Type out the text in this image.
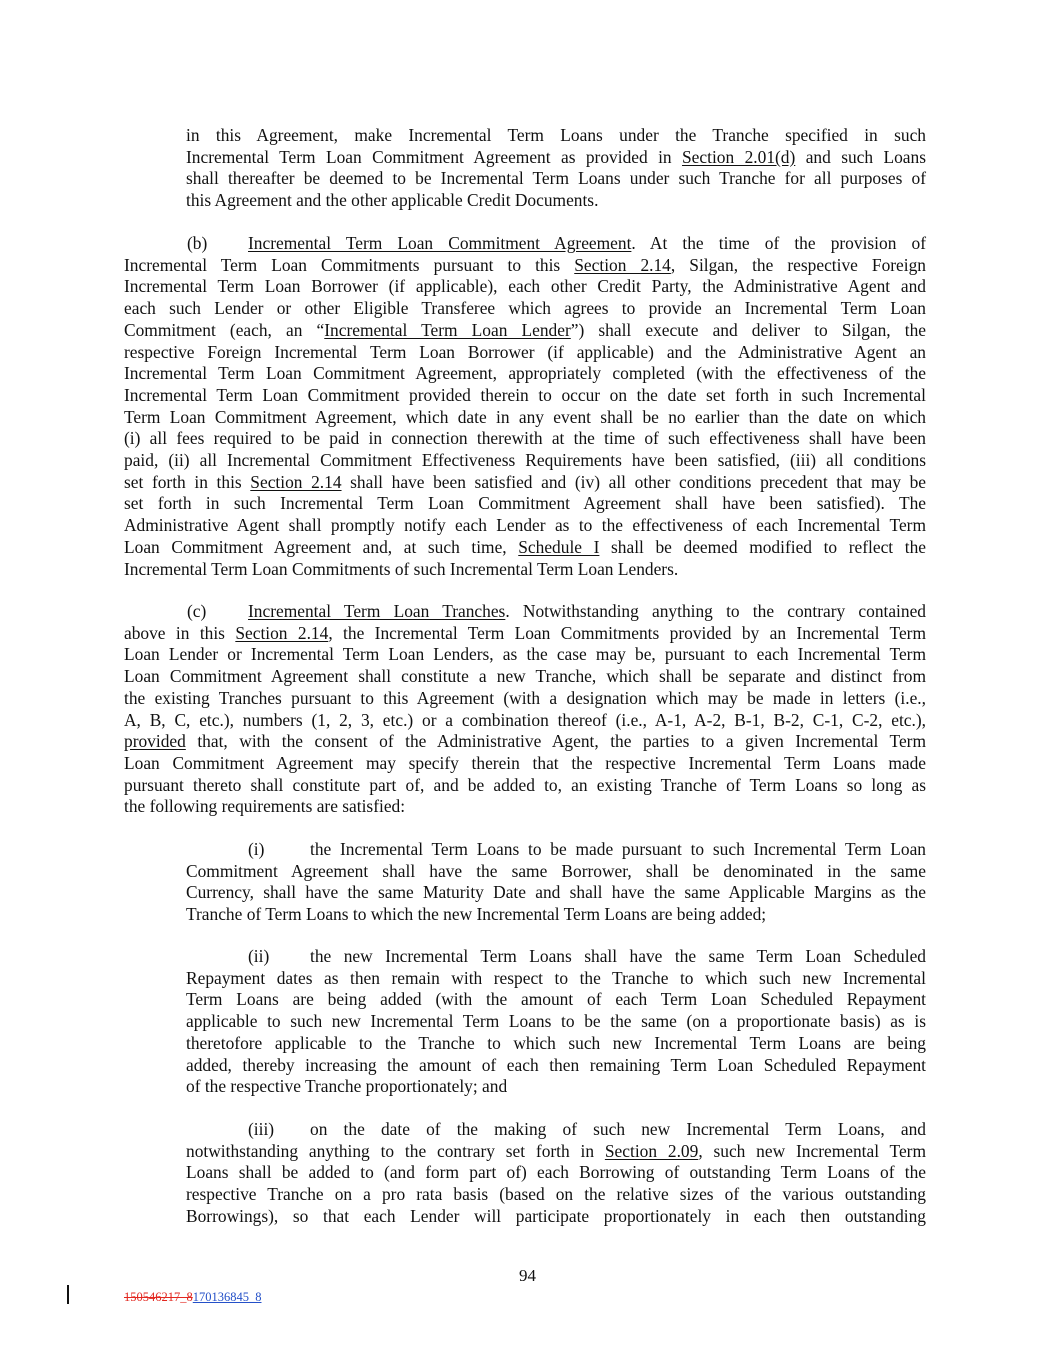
in this Agreement, make Incremental Term Loans under the Tranche specified in such
Incremental Term Loan Commitment Agreement as provided in Section 2.01(d) and such Loans
shall thereafter be deemed to be Incremental Term Loans under such Tranche for all purposes of
this Agreement and the other applicable Credit Documents.
(b) Incremental Term Loan Commitment Agreement. At the time of the provision of
Incremental Term Loan Commitments pursuant to this Section 2.14, Silgan, the respective Foreign
Incremental Term Loan Borrower (if applicable), each other Credit Party, the Administrative Agent and
each such Lender or other Eligible Transferee which agrees to provide an Incremental Term Loan
Commitment (each, an “Incremental Term Loan Lender”) shall execute and deliver to Silgan, the
respective Foreign Incremental Term Loan Borrower (if applicable) and the Administrative Agent an
Incremental Term Loan Commitment Agreement, appropriately completed (with the effectiveness of the
Incremental Term Loan Commitment provided therein to occur on the date set forth in such Incremental
Term Loan Commitment Agreement, which date in any event shall be no earlier than the date on which
(i) all fees required to be paid in connection therewith at the time of such effectiveness shall have been
paid, (ii) all Incremental Commitment Effectiveness Requirements have been satisfied, (iii) all conditions
set forth in this Section 2.14 shall have been satisfied and (iv) all other conditions precedent that may be
set forth in such Incremental Term Loan Commitment Agreement shall have been satisfied). The
Administrative Agent shall promptly notify each Lender as to the effectiveness of each Incremental Term
Loan Commitment Agreement and, at such time, Schedule I shall be deemed modified to reflect the
Incremental Term Loan Commitments of such Incremental Term Loan Lenders.
(c) Incremental Term Loan Tranches. Notwithstanding anything to the contrary contained
above in this Section 2.14, the Incremental Term Loan Commitments provided by an Incremental Term
Loan Lender or Incremental Term Loan Lenders, as the case may be, pursuant to each Incremental Term
Loan Commitment Agreement shall constitute a new Tranche, which shall be separate and distinct from
the existing Tranches pursuant to this Agreement (with a designation which may be made in letters (i.e.,
A, B, C, etc.), numbers (1, 2, 3, etc.) or a combination thereof (i.e., A-1, A-2, B-1, B-2, C-1, C-2, etc.),
provided that, with the consent of the Administrative Agent, the parties to a given Incremental Term
Loan Commitment Agreement may specify therein that the respective Incremental Term Loans made
pursuant thereto shall constitute part of, and be added to, an existing Tranche of Term Loans so long as
the following requirements are satisfied:
(i)	the Incremental Term Loans to be made pursuant to such Incremental Term Loan
Commitment Agreement shall have the same Borrower, shall be denominated in the same
Currency, shall have the same Maturity Date and shall have the same Applicable Margins as the
Tranche of Term Loans to which the new Incremental Term Loans are being added;
(ii) the new Incremental Term Loans shall have the same Term Loan Scheduled
Repayment dates as then remain with respect to the Tranche to which such new Incremental
Term Loans are being added (with the amount of each Term Loan Scheduled Repayment
applicable to such new Incremental Term Loans to be the same (on a proportionate basis) as is
theretofore applicable to the Tranche to which such new Incremental Term Loans are being
added, thereby increasing the amount of each then remaining Term Loan Scheduled Repayment
of the respective Tranche proportionately; and
(iii) on the date of the making of such new Incremental Term Loans, and
notwithstanding anything to the contrary set forth in Section 2.09, such new Incremental Term
Loans shall be added to (and form part of) each Borrowing of outstanding Term Loans of the
respective Tranche on a pro rata basis (based on the relative sizes of the various outstanding
Borrowings), so that each Lender will participate proportionately in each then outstanding
94
150546217_8170136845_8
